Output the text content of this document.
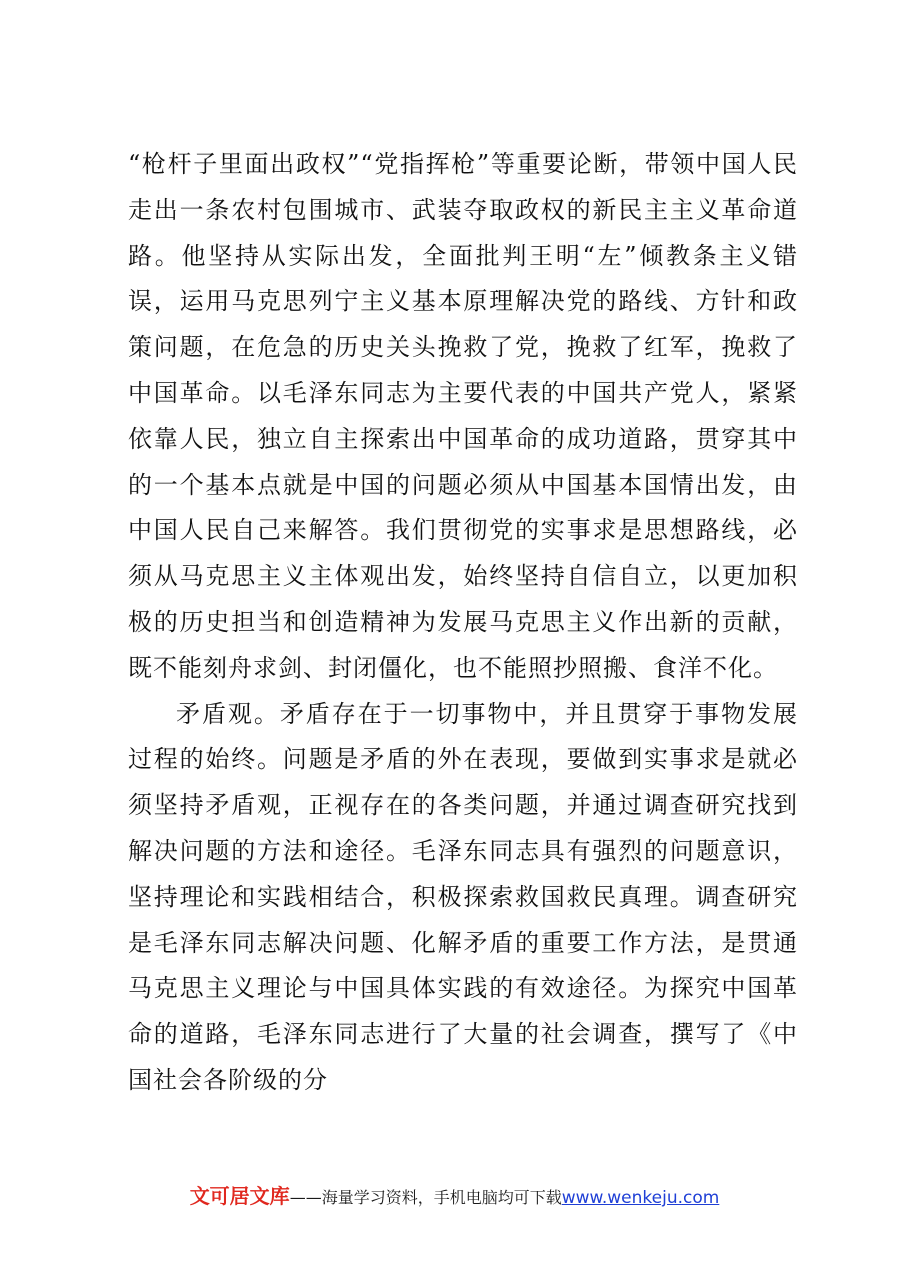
“枪杆子里面出政权”“党指挥枪”等重要论断，带领中国人民走出一条农村包围城市、武装夺取政权的新民主主义革命道路。他坚持从实际出发，全面批判王明“左”倾教条主义错误，运用马克思列宁主义基本原理解决党的路线、方针和政策问题，在危急的历史关头挽救了党，挽救了红军，挽救了中国革命。以毛泽东同志为主要代表的中国共产党人，紧紧依靠人民，独立自主探索出中国革命的成功道路，贯穿其中的一个基本点就是中国的问题必须从中国基本国情出发，由中国人民自己来解答。我们贯彻党的实事求是思想路线，必须从马克思主义主体观出发，始终坚持自信自立，以更加积极的历史担当和创造精神为发展马克思主义作出新的贡献，既不能刻舟求剑、封闭僵化，也不能照抄照搬、食洋不化。

矛盾观。矛盾存在于一切事物中，并且贯穿于事物发展过程的始终。问题是矛盾的外在表现，要做到实事求是就必须坚持矛盾观，正视存在的各类问题，并通过调查研究找到解决问题的方法和途径。毛泽东同志具有强烈的问题意识，坚持理论和实践相结合，积极探索救国救民真理。调查研究是毛泽东同志解决问题、化解矛盾的重要工作方法，是贯通马克思主义理论与中国具体实践的有效途径。为探究中国革命的道路，毛泽东同志进行了大量的社会调查，撰写了《中国社会各阶级的分

文可居文库——海量学习资料，手机电脑均可下载www.wenkeju.com
